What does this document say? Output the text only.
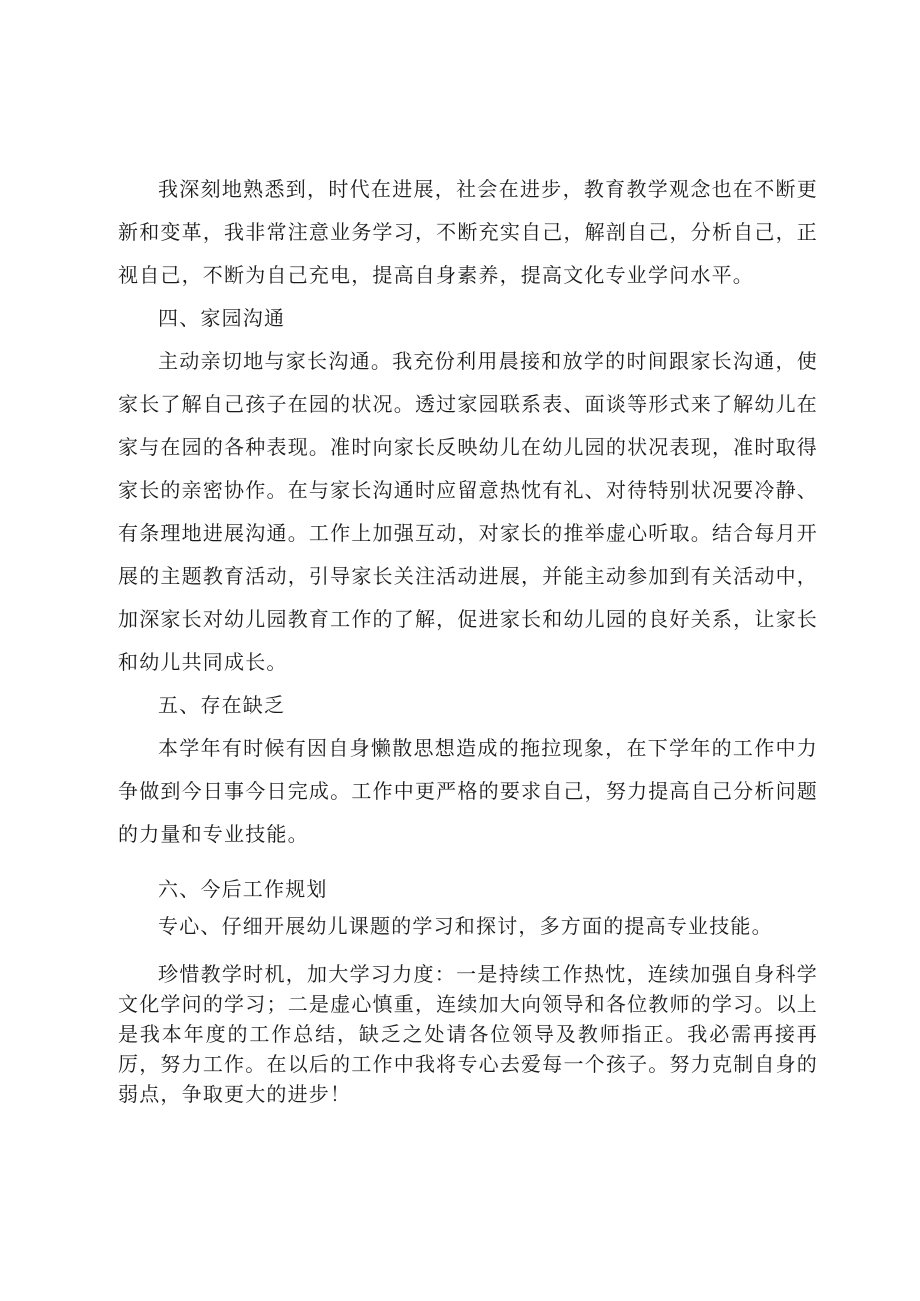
我深刻地熟悉到，时代在进展，社会在进步，教育教学观念也在不断更新和变革，我非常注意业务学习，不断充实自己，解剖自己，分析自己，正视自己，不断为自己充电，提高自身素养，提高文化专业学问水平。

四、家园沟通

主动亲切地与家长沟通。我充份利用晨接和放学的时间跟家长沟通，使家长了解自己孩子在园的状况。透过家园联系表、面谈等形式来了解幼儿在家与在园的各种表现。准时向家长反映幼儿在幼儿园的状况表现，准时取得家长的亲密协作。在与家长沟通时应留意热忱有礼、对待特别状况要冷静、有条理地进展沟通。工作上加强互动，对家长的推举虚心听取。结合每月开展的主题教育活动，引导家长关注活动进展，并能主动参加到有关活动中，加深家长对幼儿园教育工作的了解，促进家长和幼儿园的良好关系，让家长和幼儿共同成长。

五、存在缺乏

本学年有时候有因自身懒散思想造成的拖拉现象，在下学年的工作中力争做到今日事今日完成。工作中更严格的要求自己，努力提高自己分析问题的力量和专业技能。

六、今后工作规划

专心、仔细开展幼儿课题的学习和探讨，多方面的提高专业技能。

珍惜教学时机，加大学习力度：一是持续工作热忱，连续加强自身科学文化学问的学习；二是虚心慎重，连续加大向领导和各位教师的学习。以上是我本年度的工作总结，缺乏之处请各位领导及教师指正。我必需再接再厉，努力工作。在以后的工作中我将专心去爱每一个孩子。努力克制自身的弱点，争取更大的进步！
